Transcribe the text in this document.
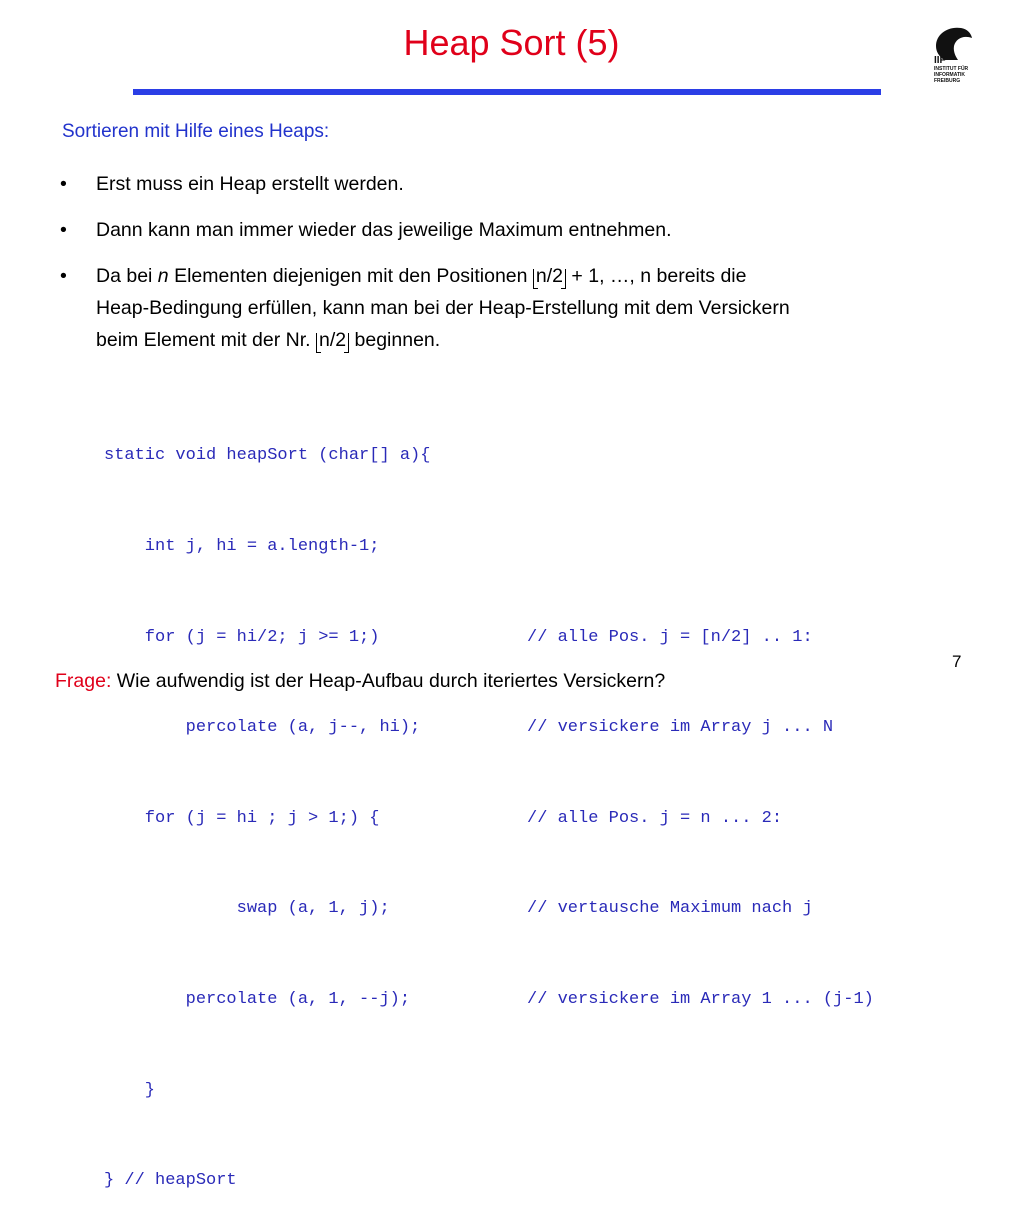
Heap Sort (5)	IIF
INSTITUT FÜR
INFORMATIK
FREIBURG
Sortieren mit Hilfe eines Heaps:
• Erst muss ein Heap erstellt werden.
• Dann kann man immer wieder das jeweilige Maximum entnehmen.
• Da bei n Elementen diejenigen mit den Positionen n/2 + 1, …, n bereits die
Heap-Bedingung erfüllen, kann man bei der Heap-Erstellung mit dem Versickern
beim Element mit der Nr. n/2 beginnen.

static void heapSort (char[] a){

int j, hi = a.length-1;

for (j = hi/2; j >= 1;)	// alle Pos. j = [n/2] .. 1:

percolate (a, j--, hi);	// versickere im Array j ... N

for (j = hi ; j > 1;) {	// alle Pos. j = n ... 2:

swap (a, 1, j);	// vertausche Maximum nach j

percolate (a, 1, --j);	// versickere im Array 1 ... (j-1)

}

} // heapSort

7
Frage: Wie aufwendig ist der Heap-Aufbau durch iteriertes Versickern?
